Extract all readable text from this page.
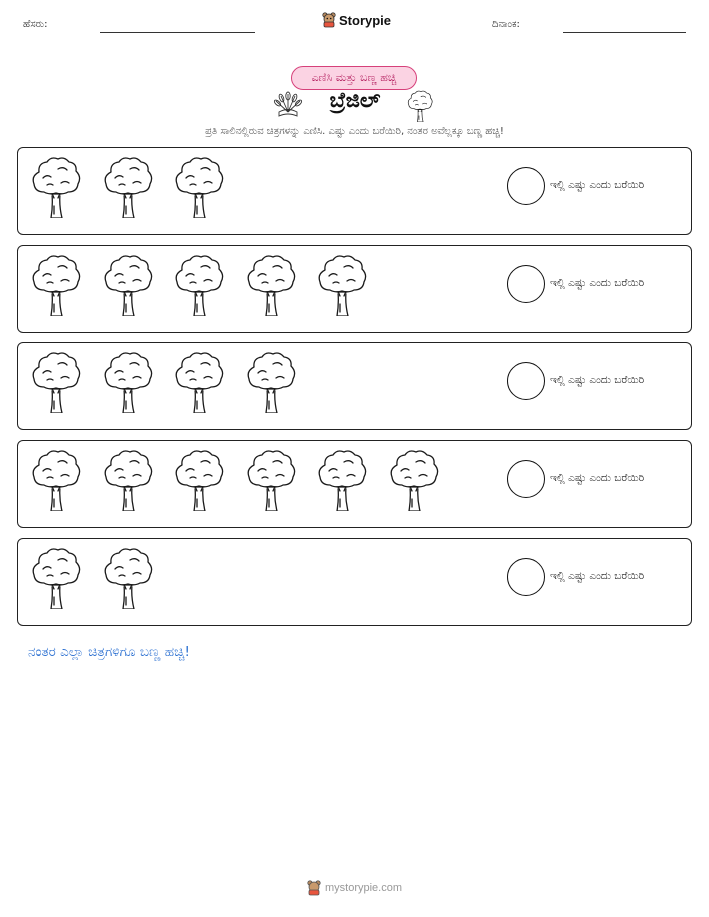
ಹೆಸರು:	Storypie	ದಿನಾಂಕ:
ಎಣಿಸಿ ಮತ್ತು ಬಣ್ಣ ಹಚ್ಚಿ
ಬ್ರೆಜಿಲ್
ಪ್ರತಿ ಸಾಲಿನಲ್ಲಿರುವ ಚಿತ್ರಗಳನ್ನು ಎಣಿಸಿ. ಎಷ್ಟು ಎಂದು ಬರೆಯಿರಿ, ನಂತರ ಅವೆಲ್ಲಕ್ಕೂ ಬಣ್ಣ ಹಚ್ಚಿ!
ಇಲ್ಲಿ ಎಷ್ಟು ಎಂದು ಬರೆಯಿರಿ
ಇಲ್ಲಿ ಎಷ್ಟು ಎಂದು ಬರೆಯಿರಿ
ಇಲ್ಲಿ ಎಷ್ಟು ಎಂದು ಬರೆಯಿರಿ
ಇಲ್ಲಿ ಎಷ್ಟು ಎಂದು ಬರೆಯಿರಿ
ಇಲ್ಲಿ ಎಷ್ಟು ಎಂದು ಬರೆಯಿರಿ
ನಂತರ ಎಲ್ಲಾ ಚಿತ್ರಗಳಿಗೂ ಬಣ್ಣ ಹಚ್ಚಿ!
mystorypie.com
